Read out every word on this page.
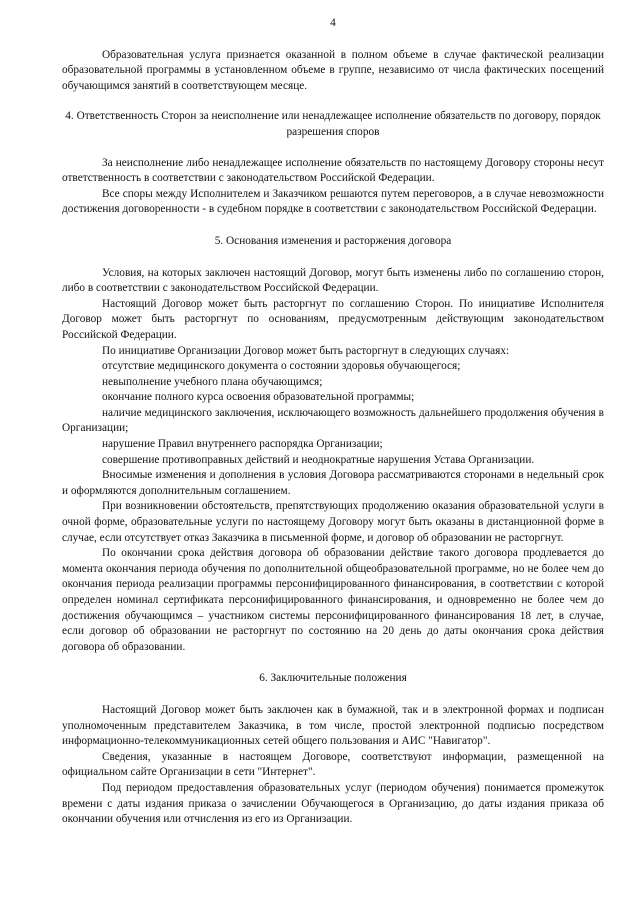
4

Образовательная услуга признается оказанной в полном объеме в случае фактической реализации образовательной программы в установленном объеме в группе, независимо от числа фактических посещений обучающимся занятий в соответствующем месяце.

4. Ответственность Сторон за неисполнение или ненадлежащее исполнение обязательств по договору, порядок разрешения споров

За неисполнение либо ненадлежащее исполнение обязательств по настоящему Договору стороны несут ответственность в соответствии с законодательством Российской Федерации.

Все споры между Исполнителем и Заказчиком решаются путем переговоров, а в случае невозможности достижения договоренности - в судебном порядке в соответствии с законодательством Российской Федерации.

5. Основания изменения и расторжения договора

Условия, на которых заключен настоящий Договор, могут быть изменены либо по соглашению сторон, либо в соответствии с законодательством Российской Федерации.

Настоящий Договор может быть расторгнут по соглашению Сторон. По инициативе Исполнителя Договор может быть расторгнут по основаниям, предусмотренным действующим законодательством Российской Федерации.

По инициативе Организации Договор может быть расторгнут в следующих случаях:

отсутствие медицинского документа о состоянии здоровья обучающегося;

невыполнение учебного плана обучающимся;

окончание полного курса освоения образовательной программы;

наличие медицинского заключения, исключающего возможность дальнейшего продолжения обучения в Организации;

нарушение Правил внутреннего распорядка Организации;

совершение противоправных действий и неоднократные нарушения Устава Организации.

Вносимые изменения и дополнения в условия Договора рассматриваются сторонами в недельный срок и оформляются дополнительным соглашением.

При возникновении обстоятельств, препятствующих продолжению оказания образовательной услуги в очной форме, образовательные услуги по настоящему Договору могут быть оказаны в дистанционной форме в случае, если отсутствует отказ Заказчика в письменной форме, и договор об образовании не расторгнут.

По окончании срока действия договора об образовании действие такого договора продлевается до момента окончания периода обучения по дополнительной общеобразовательной программе, но не более чем до окончания периода реализации программы персонифицированного финансирования, в соответствии с которой определен номинал сертификата персонифицированного финансирования, и одновременно не более чем до достижения обучающимся – участником системы персонифицированного финансирования 18 лет, в случае, если договор об образовании не расторгнут по состоянию на 20 день до даты окончания срока действия договора об образовании.

6. Заключительные положения

Настоящий Договор может быть заключен как в бумажной, так и в электронной формах и подписан уполномоченным представителем Заказчика, в том числе, простой электронной подписью посредством информационно-телекоммуникационных сетей общего пользования и АИС "Навигатор".

Сведения, указанные в настоящем Договоре, соответствуют информации, размещенной на официальном сайте Организации в сети "Интернет".

Под периодом предоставления образовательных услуг (периодом обучения) понимается промежуток времени с даты издания приказа о зачислении Обучающегося в Организацию, до даты издания приказа об окончании обучения или отчисления из его из Организации.
